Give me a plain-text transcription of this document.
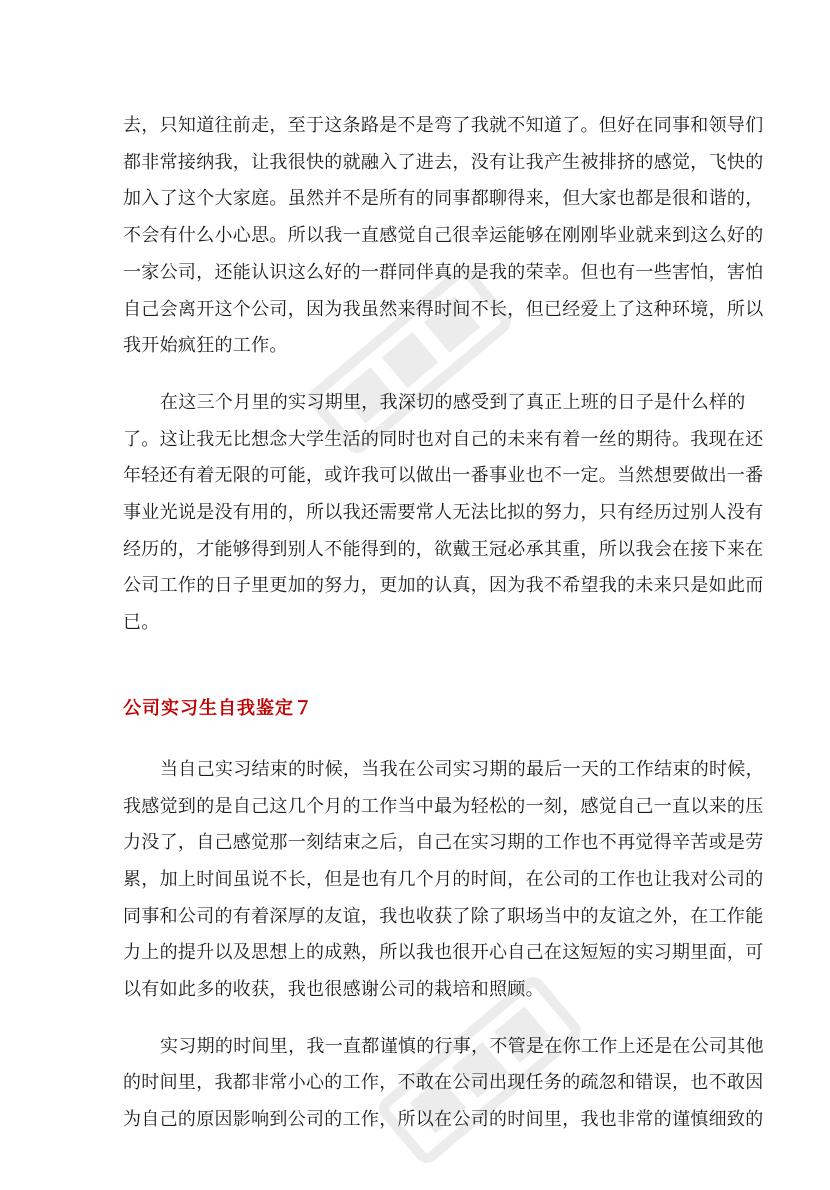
去，只知道往前走，至于这条路是不是弯了我就不知道了。但好在同事和领导们
都非常接纳我，让我很快的就融入了进去，没有让我产生被排挤的感觉，飞快的
加入了这个大家庭。虽然并不是所有的同事都聊得来，但大家也都是很和谐的，
不会有什么小心思。所以我一直感觉自己很幸运能够在刚刚毕业就来到这么好的
一家公司，还能认识这么好的一群同伴真的是我的荣幸。但也有一些害怕，害怕
自己会离开这个公司，因为我虽然来得时间不长，但已经爱上了这种环境，所以
我开始疯狂的工作。

在这三个月里的实习期里，我深切的感受到了真正上班的日子是什么样的
了。这让我无比想念大学生活的同时也对自己的未来有着一丝的期待。我现在还
年轻还有着无限的可能，或许我可以做出一番事业也不一定。当然想要做出一番
事业光说是没有用的，所以我还需要常人无法比拟的努力，只有经历过别人没有
经历的，才能够得到别人不能得到的，欲戴王冠必承其重，所以我会在接下来在
公司工作的日子里更加的努力，更加的认真，因为我不希望我的未来只是如此而
已。

公司实习生自我鉴定７

当自己实习结束的时候，当我在公司实习期的最后一天的工作结束的时候，
我感觉到的是自己这几个月的工作当中最为轻松的一刻，感觉自己一直以来的压
力没了，自己感觉那一刻结束之后，自己在实习期的工作也不再觉得辛苦或是劳
累，加上时间虽说不长，但是也有几个月的时间，在公司的工作也让我对公司的
同事和公司的有着深厚的友谊，我也收获了除了职场当中的友谊之外，在工作能
力上的提升以及思想上的成熟，所以我也很开心自己在这短短的实习期里面，可
以有如此多的收获，我也很感谢公司的栽培和照顾。

实习期的时间里，我一直都谨慎的行事，不管是在你工作上还是在公司其他
的时间里，我都非常小心的工作，不敢在公司出现任务的疏忽和错误，也不敢因
为自己的原因影响到公司的工作，所以在公司的时间里，我也非常的谨慎细致的
